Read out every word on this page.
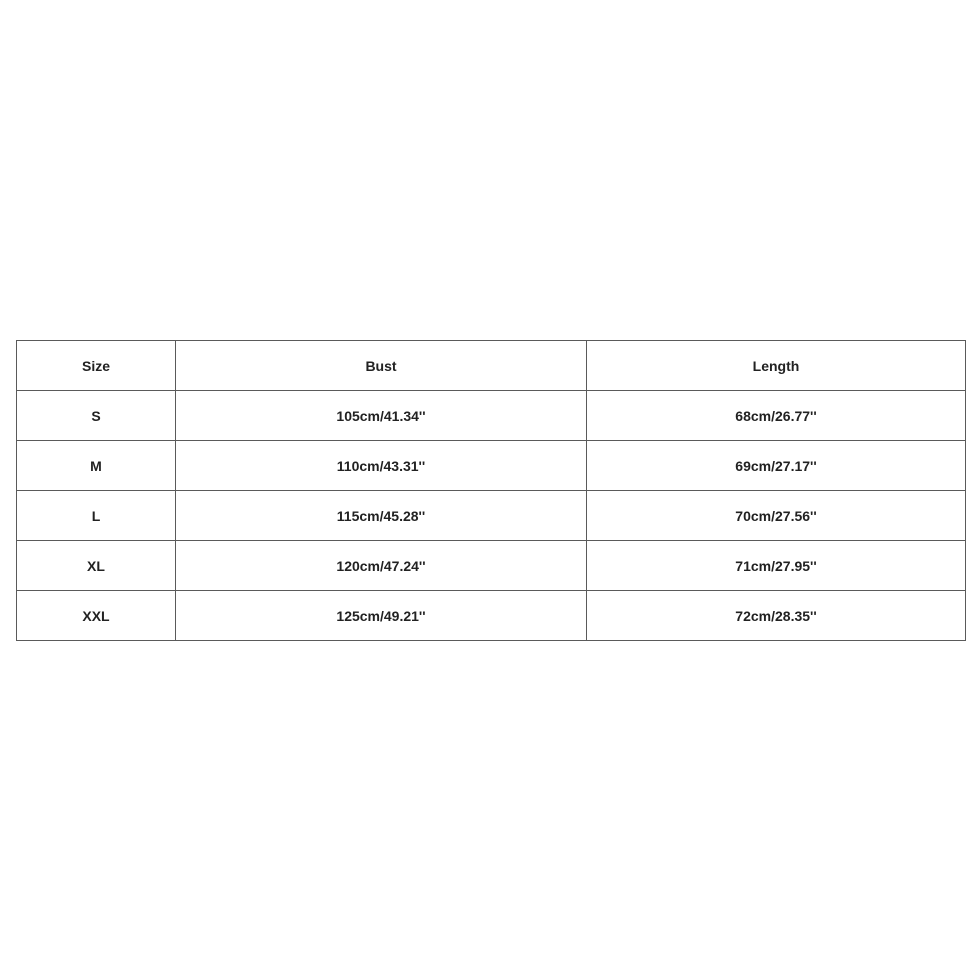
Size	Bust	Length
S	105cm/41.34''	68cm/26.77''
M	110cm/43.31''	69cm/27.17''
L	115cm/45.28''	70cm/27.56''
XL	120cm/47.24''	71cm/27.95''
XXL	125cm/49.21''	72cm/28.35''
